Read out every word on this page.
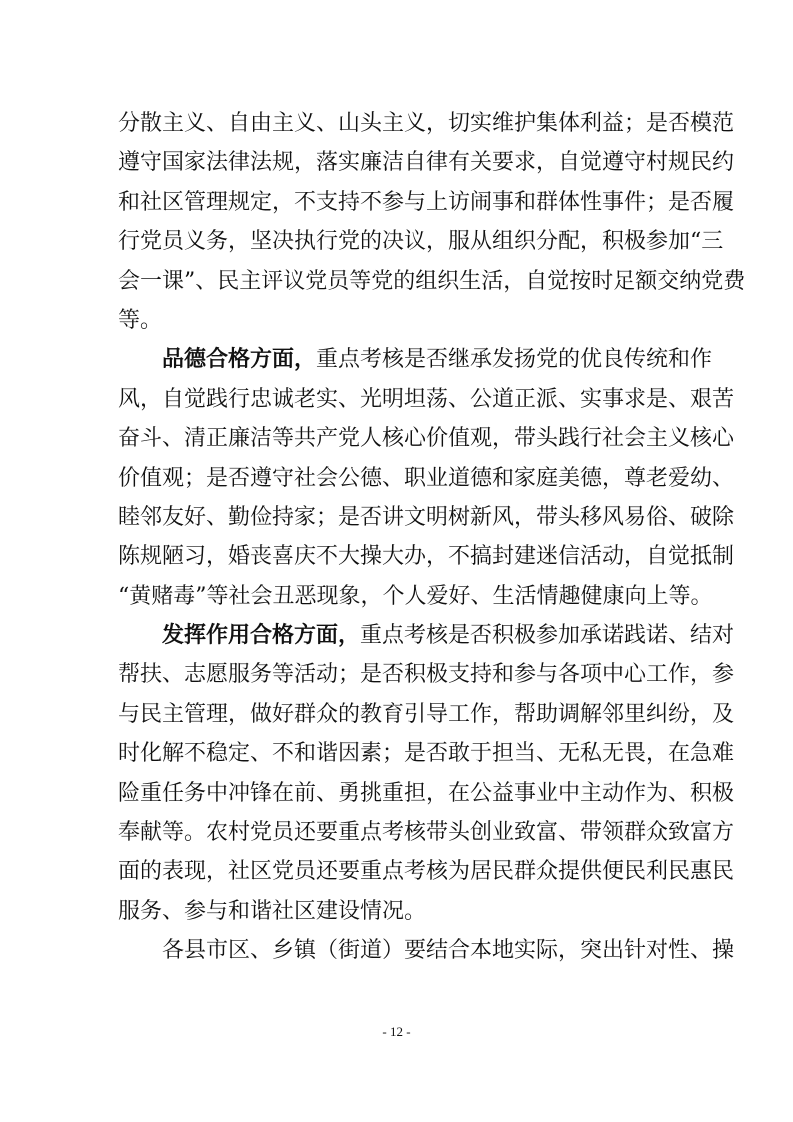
分散主义、自由主义、山头主义，切实维护集体利益；是否模范
遵守国家法律法规，落实廉洁自律有关要求，自觉遵守村规民约
和社区管理规定，不支持不参与上访闹事和群体性事件；是否履
行党员义务，坚决执行党的决议，服从组织分配，积极参加“三
会一课”、民主评议党员等党的组织生活，自觉按时足额交纳党费
等。
品德合格方面，重点考核是否继承发扬党的优良传统和作
风，自觉践行忠诚老实、光明坦荡、公道正派、实事求是、艰苦
奋斗、清正廉洁等共产党人核心价值观，带头践行社会主义核心
价值观；是否遵守社会公德、职业道德和家庭美德，尊老爱幼、
睦邻友好、勤俭持家；是否讲文明树新风，带头移风易俗、破除
陈规陋习，婚丧喜庆不大操大办，不搞封建迷信活动，自觉抵制
“黄赌毒”等社会丑恶现象，个人爱好、生活情趣健康向上等。
发挥作用合格方面，重点考核是否积极参加承诺践诺、结对
帮扶、志愿服务等活动；是否积极支持和参与各项中心工作，参
与民主管理，做好群众的教育引导工作，帮助调解邻里纠纷，及
时化解不稳定、不和谐因素；是否敢于担当、无私无畏，在急难
险重任务中冲锋在前、勇挑重担，在公益事业中主动作为、积极
奉献等。农村党员还要重点考核带头创业致富、带领群众致富方
面的表现，社区党员还要重点考核为居民群众提供便民利民惠民
服务、参与和谐社区建设情况。
各县市区、乡镇（街道）要结合本地实际，突出针对性、操
- 12 -
